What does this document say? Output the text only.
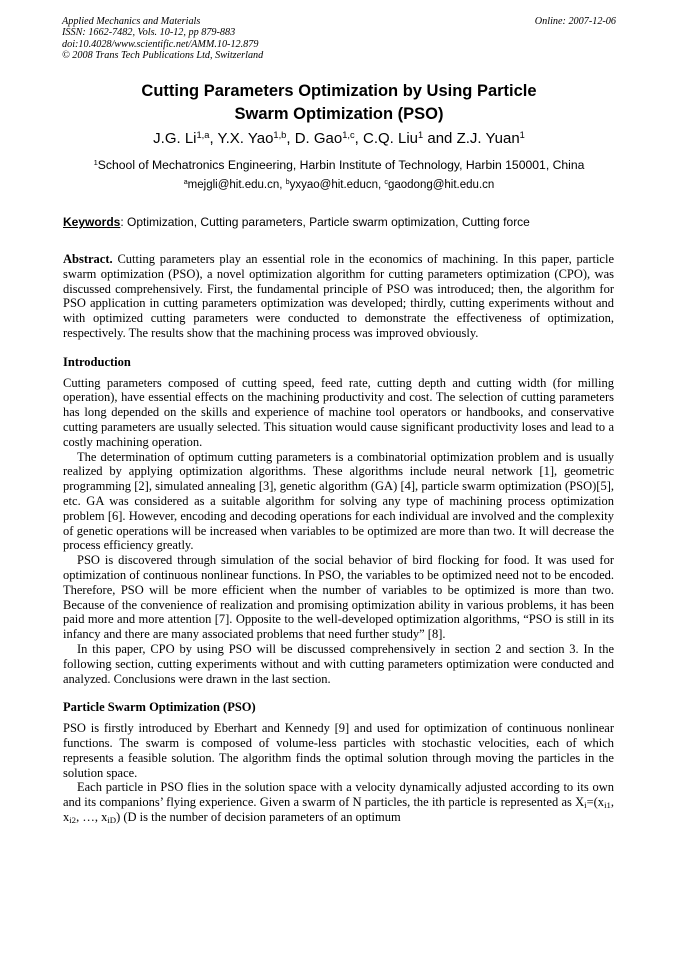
Applied Mechanics and Materials
ISSN: 1662-7482, Vols. 10-12, pp 879-883
doi:10.4028/www.scientific.net/AMM.10-12.879
© 2008 Trans Tech Publications Ltd, Switzerland
Online: 2007-12-06
Cutting Parameters Optimization by Using Particle
Swarm Optimization (PSO)
J.G. Li$^{1,a}$, Y.X. Yao$^{1,b}$, D. Gao$^{1,c}$, C.Q. Liu$^1$ and Z.J. Yuan$^1$
$^1$School of Mechatronics Engineering, Harbin Institute of Technology, Harbin 150001, China
$^a$mejgli@hit.edu.cn, $^b$yxyao@hit.educn, $^c$gaodong@hit.edu.cn
Keywords: Optimization, Cutting parameters, Particle swarm optimization, Cutting force

Abstract. Cutting parameters play an essential role in the economics of machining. In this paper, particle swarm optimization (PSO), a novel optimization algorithm for cutting parameters optimization (CPO), was discussed comprehensively. First, the fundamental principle of PSO was introduced; then, the algorithm for PSO application in cutting parameters optimization was developed; thirdly, cutting experiments without and with optimized cutting parameters were conducted to demonstrate the effectiveness of optimization, respectively. The results show that the machining process was improved obviously.

Introduction

Cutting parameters composed of cutting speed, feed rate, cutting depth and cutting width (for milling operation), have essential effects on the machining productivity and cost. The selection of cutting parameters has long depended on the skills and experience of machine tool operators or handbooks, and conservative cutting parameters are usually selected. This situation would cause significant productivity loses and lead to a costly machining operation.

The determination of optimum cutting parameters is a combinatorial optimization problem and is usually realized by applying optimization algorithms. These algorithms include neural network [1], geometric programming [2], simulated annealing [3], genetic algorithm (GA) [4], particle swarm optimization (PSO)[5], etc. GA was considered as a suitable algorithm for solving any type of machining process optimization problem [6]. However, encoding and decoding operations for each individual are involved and the complexity of genetic operations will be increased when variables to be optimized are more than two. It will decrease the process efficiency greatly.

PSO is discovered through simulation of the social behavior of bird flocking for food. It was used for optimization of continuous nonlinear functions. In PSO, the variables to be optimized need not to be encoded. Therefore, PSO will be more efficient when the number of variables to be optimized is more than two. Because of the convenience of realization and promising optimization ability in various problems, it has been paid more and more attention [7]. Opposite to the well-developed optimization algorithms, “PSO is still in its infancy and there are many associated problems that need further study” [8].

In this paper, CPO by using PSO will be discussed comprehensively in section 2 and section 3. In the following section, cutting experiments without and with cutting parameters optimization were conducted and analyzed. Conclusions were drawn in the last section.

Particle Swarm Optimization (PSO)

PSO is firstly introduced by Eberhart and Kennedy [9] and used for optimization of continuous nonlinear functions. The swarm is composed of volume-less particles with stochastic velocities, each of which represents a feasible solution. The algorithm finds the optimal solution through moving the particles in the solution space.

Each particle in PSO flies in the solution space with a velocity dynamically adjusted according to its own and its companions’ flying experience. Given a swarm of N particles, the ith particle is represented as $X_i=(x_{i1}$, $x_{i2}$, …, $x_{iD}$) (D is the number of decision parameters of an optimum
